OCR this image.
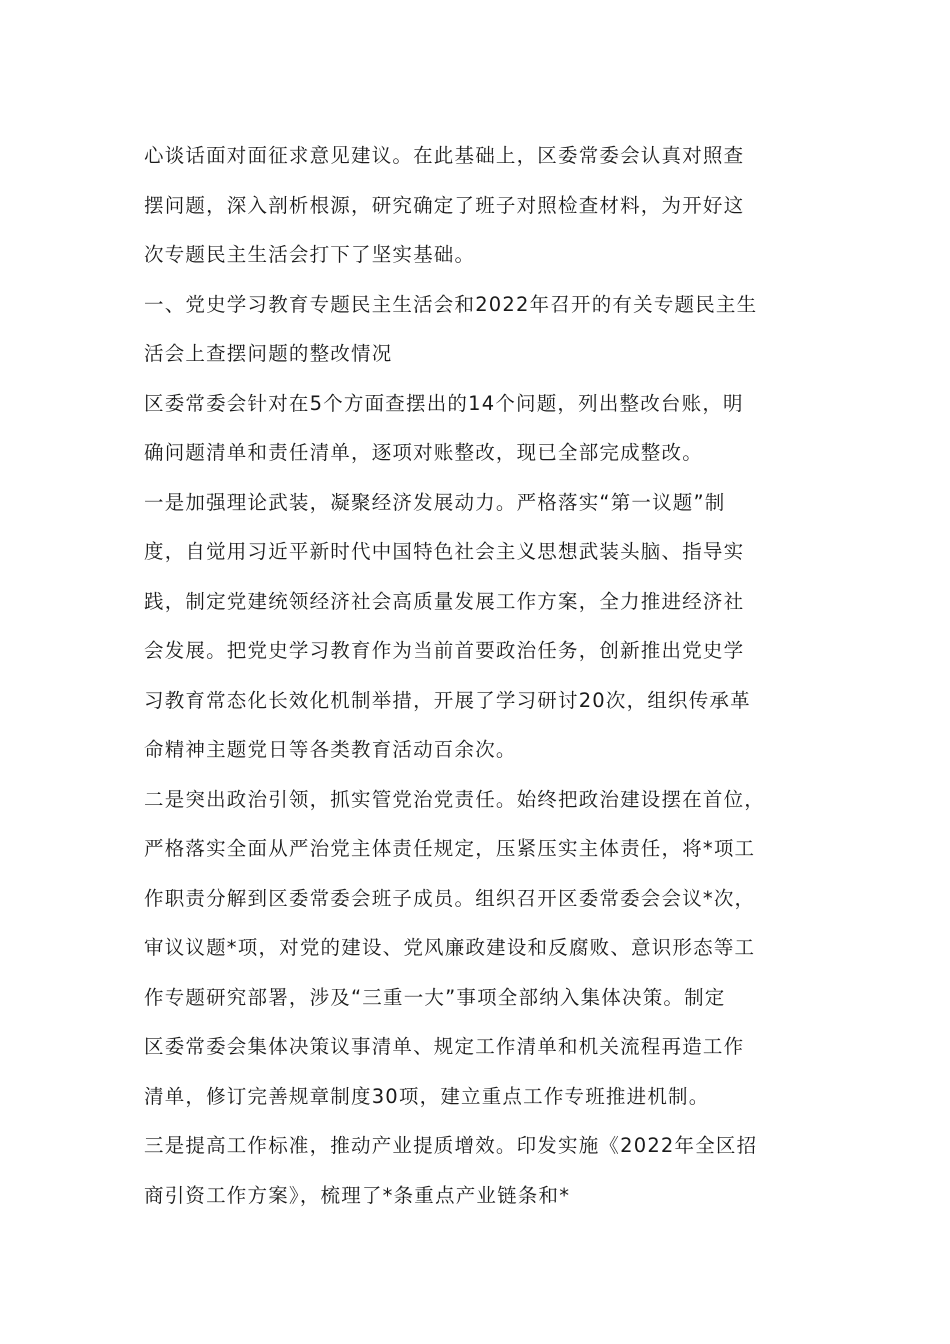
心谈话面对面征求意见建议。在此基础上，区委常委会认真对照查
摆问题，深入剖析根源，研究确定了班子对照检查材料，为开好这
次专题民主生活会打下了坚实基础。
一、党史学习教育专题民主生活会和2022年召开的有关专题民主生
活会上查摆问题的整改情况
区委常委会针对在5个方面查摆出的14个问题，列出整改台账，明
确问题清单和责任清单，逐项对账整改，现已全部完成整改。
一是加强理论武装，凝聚经济发展动力。严格落实“第一议题”制
度，自觉用习近平新时代中国特色社会主义思想武装头脑、指导实
践，制定党建统领经济社会高质量发展工作方案，全力推进经济社
会发展。把党史学习教育作为当前首要政治任务，创新推出党史学
习教育常态化长效化机制举措，开展了学习研讨20次，组织传承革
命精神主题党日等各类教育活动百余次。
二是突出政治引领，抓实管党治党责任。始终把政治建设摆在首位，
严格落实全面从严治党主体责任规定，压紧压实主体责任，将*项工
作职责分解到区委常委会班子成员。组织召开区委常委会会议*次，
审议议题*项，对党的建设、党风廉政建设和反腐败、意识形态等工
作专题研究部署，涉及“三重一大”事项全部纳入集体决策。制定
区委常委会集体决策议事清单、规定工作清单和机关流程再造工作
清单，修订完善规章制度30项，建立重点工作专班推进机制。
三是提高工作标准，推动产业提质增效。印发实施《2022年全区招
商引资工作方案》，梳理了*条重点产业链条和*
